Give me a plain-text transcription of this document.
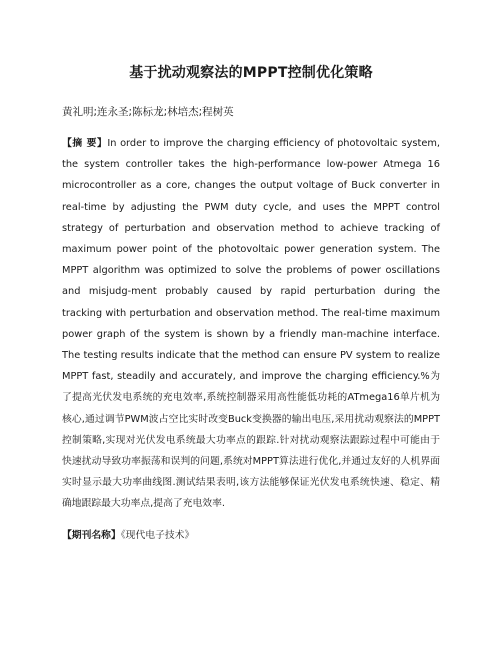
基于扰动观察法的MPPT控制优化策略
黄礼明;连永圣;陈标龙;林培杰;程树英
【摘 要】In order to improve the charging efficiency of photovoltaic system, the system controller takes the high-performance low-power Atmega 16 microcontroller as a core, changes the output voltage of Buck converter in real-time by adjusting the PWM duty cycle, and uses the MPPT control strategy of perturbation and observation method to achieve tracking of maximum power point of the photovoltaic power generation system. The MPPT algorithm was optimized to solve the problems of power oscillations and misjudg-ment probably caused by rapid perturbation during the tracking with perturbation and observation method. The real-time maximum power graph of the system is shown by a friendly man-machine interface. The testing results indicate that the method can ensure PV system to realize MPPT fast, steadily and accurately, and improve the charging efficiency.%为了提高光伏发电系统的充电效率,系统控制器采用高性能低功耗的ATmega16单片机为核心,通过调节PWM波占空比实时改变Buck变换器的输出电压,采用扰动观察法的MPPT控制策略,实现对光伏发电系统最大功率点的跟踪.针对扰动观察法跟踪过程中可能由于快速扰动导致功率振荡和误判的问题,系统对MPPT算法进行优化,并通过友好的人机界面实时显示最大功率曲线图.测试结果表明,该方法能够保证光伏发电系统快速、稳定、精确地跟踪最大功率点,提高了充电效率.
【期刊名称】《现代电子技术》
